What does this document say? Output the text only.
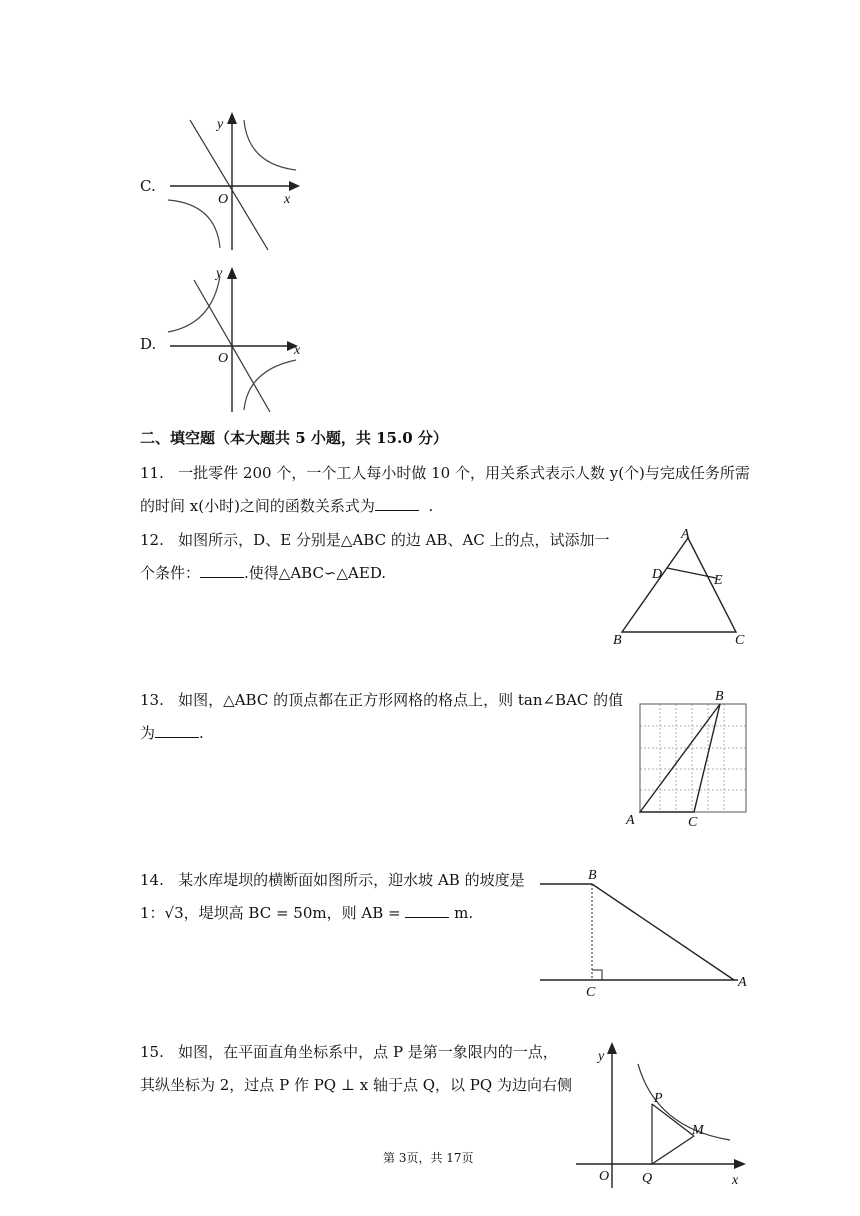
C.
y
x
O
D.
y
x
O
二、填空题（本大题共 5 小题，共 15.0 分）
11. 一批零件 200 个，一个工人每小时做 10 个，用关系式表示人数 y(个)与完成任务所需
的时间 x(小时)之间的函数关系式为	.
12. 如图所示，D、E 分别是△ABC 的边 AB、AC 上的点，试添加一
个条件：	.使得△ABC∽△AED.
A
D	E
B	C
13. 如图，△ABC 的顶点都在正方形网格的格点上，则 tan∠BAC 的值
为	.
B
A	C
14. 某水库堤坝的横断面如图所示，迎水坡 AB 的坡度是
1：√3，堤坝高 BC = 50m，则 AB =	m.
B
C
A
15. 如图，在平面直角坐标系中，点 P 是第一象限内的一点，
其纵坐标为 2，过点 P 作 PQ ⊥ x 轴于点 Q，以 PQ 为边向右侧
y
x
O
P
M
Q
第 3页，共 17页
